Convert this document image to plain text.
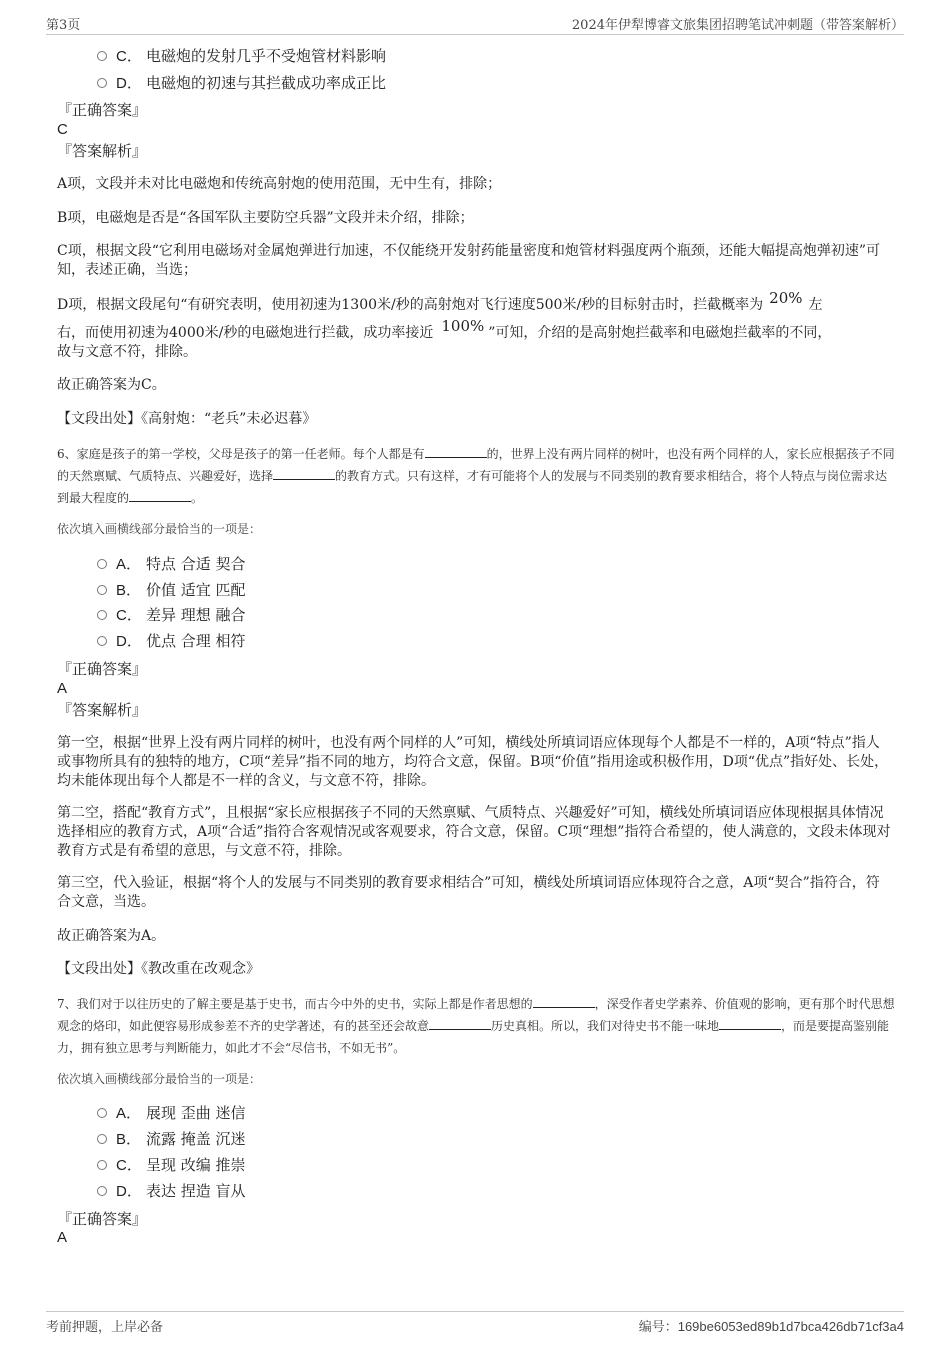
第3页	2024年伊犁博睿文旅集团招聘笔试冲刺题（带答案解析）
C． 电磁炮的发射几乎不受炮管材料影响
D． 电磁炮的初速与其拦截成功率成正比
『正确答案』
C
『答案解析』
A项，文段并未对比电磁炮和传统高射炮的使用范围，无中生有，排除；
B项，电磁炮是否是“各国军队主要防空兵器”文段并未介绍，排除；
C项，根据文段“它利用电磁场对金属炮弹进行加速，不仅能绕开发射药能量密度和炮管材料强度两个瓶颈，还能大幅提高炮弹初速”可知，表述正确，当选；
D项，根据文段尾句“有研究表明，使用初速为1300米/秒的高射炮对飞行速度500米/秒的目标射击时，拦截概率为 20% 左
右，而使用初速为4000米/秒的电磁炮进行拦截，成功率接近 100% ”可知，介绍的是高射炮拦截率和电磁炮拦截率的不同，
故与文意不符，排除。
故正确答案为C。
【文段出处】《高射炮：“老兵”未必迟暮》
6、家庭是孩子的第一学校，父母是孩子的第一任老师。每个人都是有	的，世界上没有两片同样的树叶，也没有两个同样的人，家长应根据孩子不同的天然禀赋、气质特点、兴趣爱好，选择	的教育方式。只有这样，才有可能将个人的发展与不同类别的教育要求相结合，将个人特点与岗位需求达到最大程度的	。
依次填入画横线部分最恰当的一项是：
A． 特点 合适 契合
B． 价值 适宜 匹配
C． 差异 理想 融合
D． 优点 合理 相符
『正确答案』
A
『答案解析』
第一空，根据“世界上没有两片同样的树叶，也没有两个同样的人”可知，横线处所填词语应体现每个人都是不一样的，A项“特点”指人或事物所具有的独特的地方，C项“差异”指不同的地方，均符合文意，保留。B项“价值”指用途或积极作用，D项“优点”指好处、长处，均未能体现出每个人都是不一样的含义，与文意不符，排除。
第二空，搭配“教育方式”，且根据“家长应根据孩子不同的天然禀赋、气质特点、兴趣爱好”可知，横线处所填词语应体现根据具体情况选择相应的教育方式，A项“合适”指符合客观情况或客观要求，符合文意，保留。C项“理想”指符合希望的，使人满意的，文段未体现对教育方式是有希望的意思，与文意不符，排除。
第三空，代入验证，根据“将个人的发展与不同类别的教育要求相结合”可知，横线处所填词语应体现符合之意，A项“契合”指符合，符合文意，当选。
故正确答案为A。
【文段出处】《教改重在改观念》
7、我们对于以往历史的了解主要是基于史书，而古今中外的史书，实际上都是作者思想的	，深受作者史学素养、价值观的影响，更有那个时代思想观念的烙印，如此便容易形成参差不齐的史学著述，有的甚至还会故意	历史真相。所以，我们对待史书不能一味地	，而是要提高鉴别能力，拥有独立思考与判断能力，如此才不会“尽信书，不如无书”。
依次填入画横线部分最恰当的一项是：
A． 展现 歪曲 迷信
B． 流露 掩盖 沉迷
C． 呈现 改编 推崇
D． 表达 捏造 盲从
『正确答案』
A
考前押题，上岸必备	编号：169be6053ed89b1d7bca426db71cf3a4
